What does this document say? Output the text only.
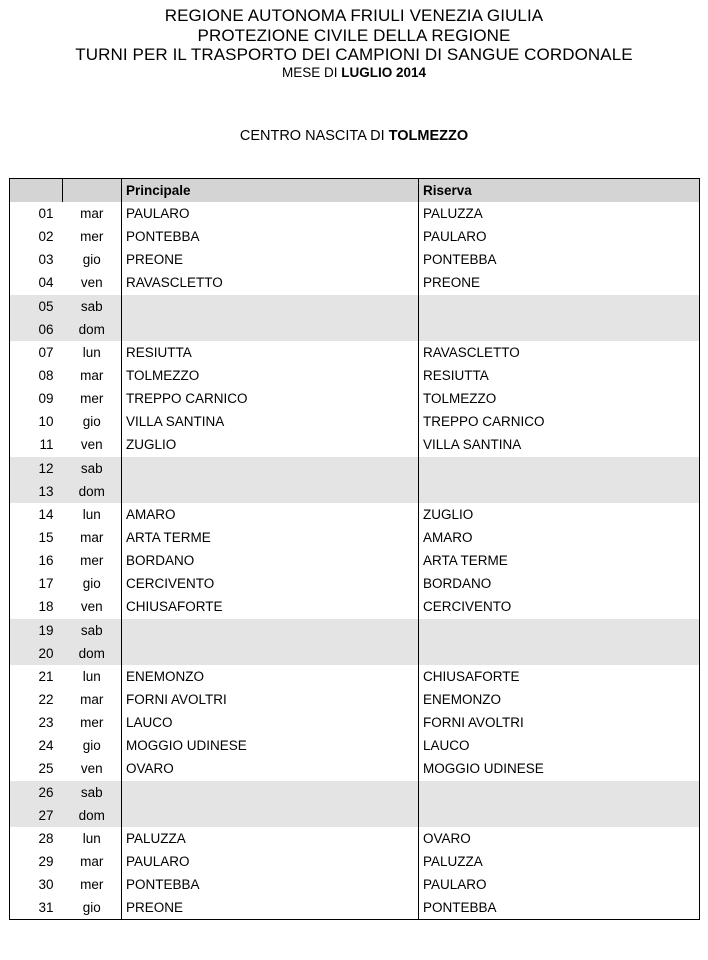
REGIONE AUTONOMA FRIULI VENEZIA GIULIA
PROTEZIONE CIVILE DELLA REGIONE
TURNI PER IL TRASPORTO DEI CAMPIONI DI SANGUE CORDONALE
MESE DI LUGLIO 2014
CENTRO NASCITA DI TOLMEZZO
		Principale	Riserva
01	mar	PAULARO	PALUZZA
02	mer	PONTEBBA	PAULARO
03	gio	PREONE	PONTEBBA
04	ven	RAVASCLETTO	PREONE
05	sab		
06	dom		
07	lun	RESIUTTA	RAVASCLETTO
08	mar	TOLMEZZO	RESIUTTA
09	mer	TREPPO CARNICO	TOLMEZZO
10	gio	VILLA SANTINA	TREPPO CARNICO
11	ven	ZUGLIO	VILLA SANTINA
12	sab		
13	dom		
14	lun	AMARO	ZUGLIO
15	mar	ARTA TERME	AMARO
16	mer	BORDANO	ARTA TERME
17	gio	CERCIVENTO	BORDANO
18	ven	CHIUSAFORTE	CERCIVENTO
19	sab		
20	dom		
21	lun	ENEMONZO	CHIUSAFORTE
22	mar	FORNI AVOLTRI	ENEMONZO
23	mer	LAUCO	FORNI AVOLTRI
24	gio	MOGGIO UDINESE	LAUCO
25	ven	OVARO	MOGGIO UDINESE
26	sab		
27	dom		
28	lun	PALUZZA	OVARO
29	mar	PAULARO	PALUZZA
30	mer	PONTEBBA	PAULARO
31	gio	PREONE	PONTEBBA
